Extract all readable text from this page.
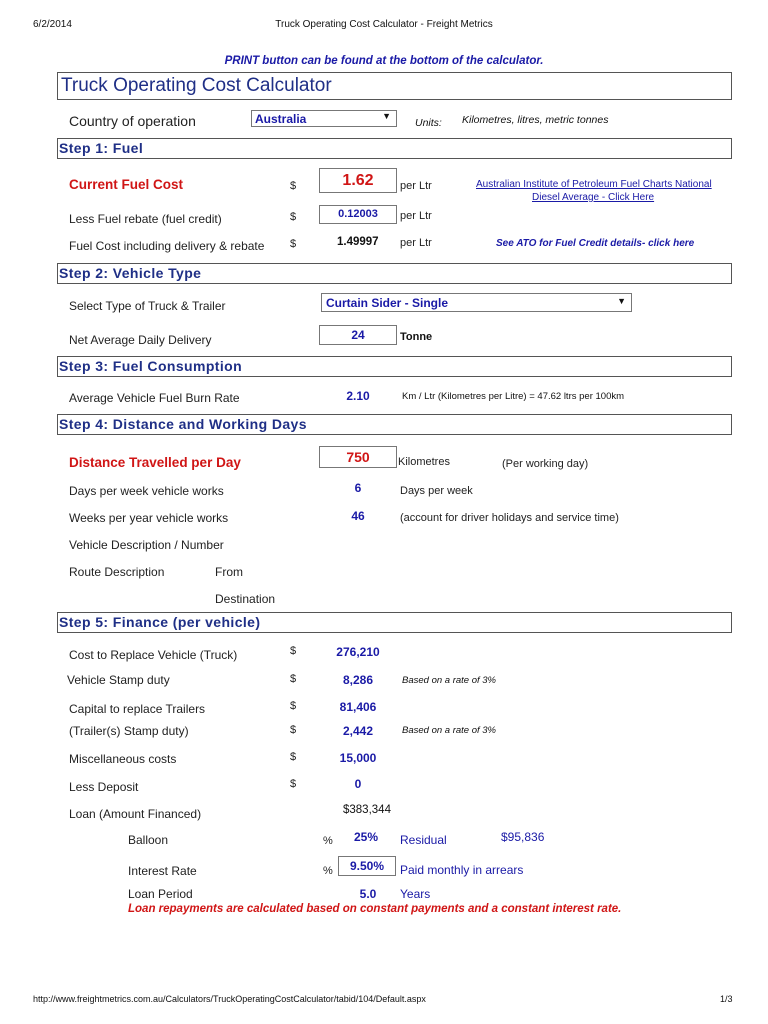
6/2/2014	Truck Operating Cost Calculator - Freight Metrics
PRINT button can be found at the bottom of the calculator.
Truck Operating Cost Calculator
Country of operation	Australia	▼
Units: Kilometres, litres, metric tonnes
Step 1: Fuel
Current Fuel Cost	$	1.62	per Ltr	Australian Institute of Petroleum Fuel Charts National
Diesel Average - Click Here
Less Fuel rebate (fuel credit)	$	0.12003	per Ltr
Fuel Cost including delivery & rebate $	1.49997 per Ltr	See ATO for Fuel Credit details- click here
Step 2: Vehicle Type
Select Type of Truck & Trailer	Curtain Sider - Single	▼
Net Average Daily Delivery	24	Tonne
Step 3: Fuel Consumption
Average Vehicle Fuel Burn Rate	2.10	Km / Ltr (Kilometres per Litre) = 47.62 ltrs per 100km
Step 4: Distance and Working Days
Distance Travelled per Day	750	Kilometres	(Per working day)
Days per week vehicle works	6	Days per week
Weeks per year vehicle works	46	(account for driver holidays and service time)
Vehicle Description / Number
Route Description	From
Destination
Step 5: Finance (per vehicle)
Cost to Replace Vehicle (Truck)	$	276,210
Vehicle Stamp duty	$	8,286	Based on a rate of 3%
Capital to replace Trailers	$	81,406
(Trailer(s) Stamp duty)	$	2,442	Based on a rate of 3%
Miscellaneous costs	$	15,000
Less Deposit	$	0
Loan (Amount Financed)	$383,344
Balloon	%	25%	Residual	$95,836
Interest Rate	%	9.50%	Paid monthly in arrears
Loan Period	5.0	Years
Loan repayments are calculated based on constant payments and a constant interest rate.
http://www.freightmetrics.com.au/Calculators/TruckOperatingCostCalculator/tabid/104/Default.aspx	1/3
